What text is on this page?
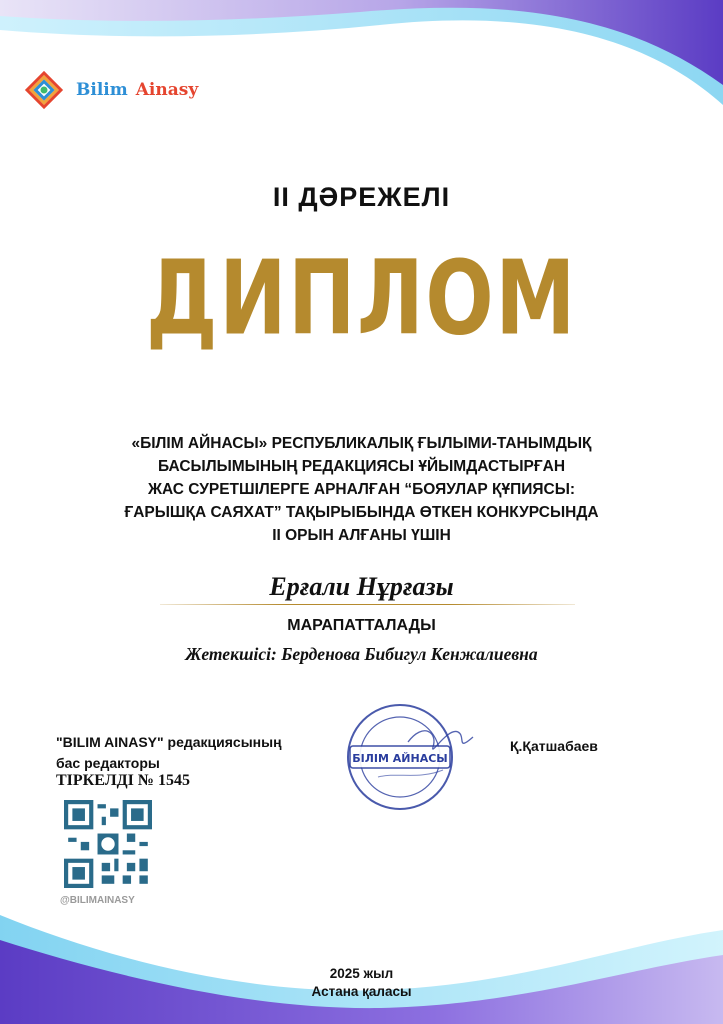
Bilim Ainasy
II ДӘРЕЖЕЛІ
ДИПЛОМ
«БІЛІМ АЙНАСЫ» РЕСПУБЛИКАЛЫҚ ҒЫЛЫМИ-ТАНЫМДЫҚ
БАСЫЛЫМЫНЫҢ РЕДАКЦИЯСЫ ҰЙЫМДАСТЫРҒАН
ЖАС СУРЕТШІЛЕРГЕ АРНАЛҒАН “БОЯУЛАР ҚҰПИЯСЫ:
ҒАРЫШҚА САЯХАТ” ТАҚЫРЫБЫНДА ӨТКЕН КОНКУРСЫНДА
II ОРЫН АЛҒАНЫ ҮШІН
Ерғали Нұрғазы
МАРАПАТТАЛАДЫ
Жетекшісі: Берденова Бибигул Кенжалиевна
"BILIM AINASY" редакциясының
бас редакторы
ТІРКЕЛДІ № 1545
БІЛІМ АЙНАСЫ
Қ.Қатшабаев
@BILIMAINASY
2025 жыл
Астана қаласы
